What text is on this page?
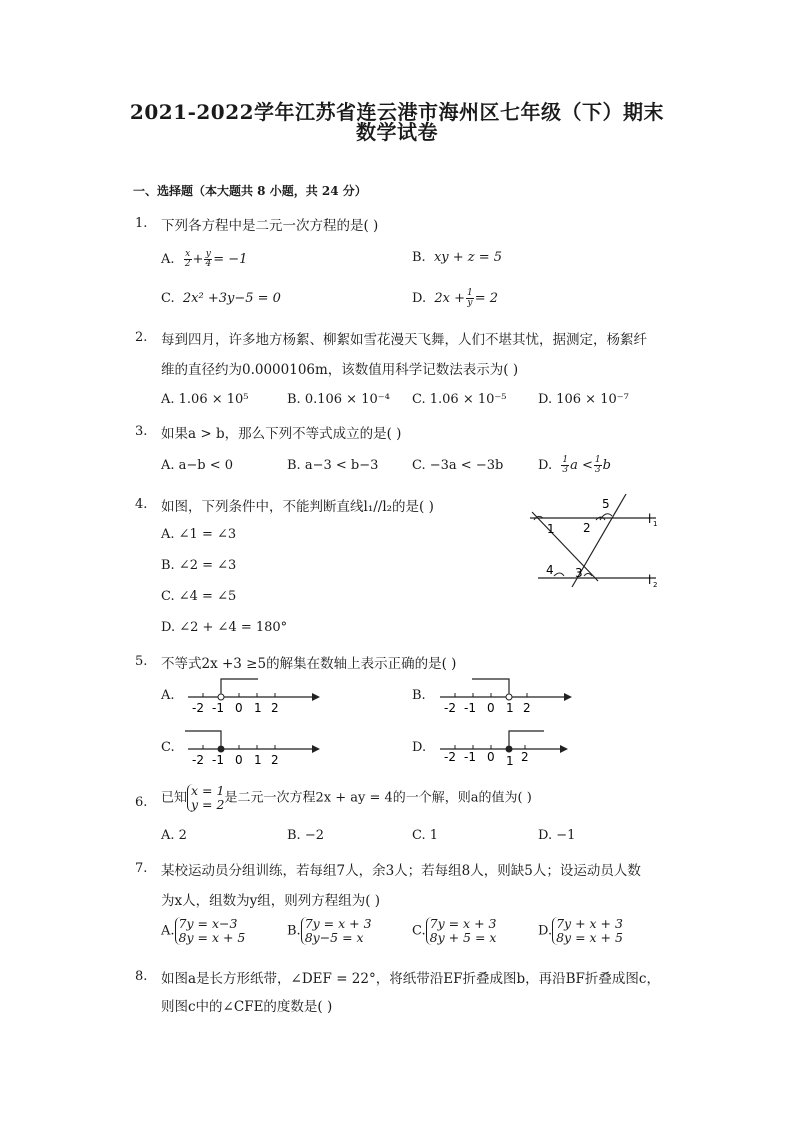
2021-2022学年江苏省连云港市海州区七年级（下）期末
数学试卷
一、选择题（本大题共 8 小题，共 24 分）
1. 下列各方程中是二元一次方程的是( )
A. $\frac{x}{2} + \frac{y}{4} = -1$	B. xy + z = 5
C. 2x² +3y−5 = 0	D.  $2x + \frac{1}{y} = 2$
2. 每到四月，许多地方杨絮、柳絮如雪花漫天飞舞，人们不堪其忧，据测定，杨絮纤
维的直径约为0.0000106m，该数值用科学记数法表示为( )
A. 1.06 × 10⁵	B. 0.106 × 10⁻⁴ C. 1.06 × 10⁻⁵ D. 106 × 10⁻⁷
3. 如果a > b，那么下列不等式成立的是( )
A. a−b < 0	B. a−3 < b−3	C. −3a < −3b	D. $\frac{1}{3}$ $a < \frac{1}{3}$ b
4. 如图，下列条件中，不能判断直线l₁//l₂的是( )
A. ∠1 = ∠3
B. ∠2 = ∠3
C. ∠4 = ∠5
D. ∠2 + ∠4 = 180°
l 1
l 2
1 2
3
4
5
5. 不等式2x +3 ≥5的解集在数轴上表示正确的是( )
A.
-2 -1 0 1 2
B.
-2 -1 0 1 2
C.
-2 -1 0 1 2
D.
-2 -1 0 1 2
6. 已知 x = 1
y = 2 是二元一次方程2x + ay = 4的一个解，则a的值为( )
A. 2	B. −2	C. 1	D. −1
7. 某校运动员分组训练，若每组7人，余3人；若每组8人，则缺5人；设运动员人数
为x人，组数为y组，则列方程组为( )
A. 7y = x−3
8y = x + 5	B. 7y = x + 3
8y−5 = x	C. 7y = x + 3
8y + 5 = x	D. 7y + x + 3
8y = x + 5
8. 如图a是长方形纸带，∠DEF = 22°，将纸带沿EF折叠成图b，再沿BF折叠成图c，
则图c中的∠CFE的度数是( )
